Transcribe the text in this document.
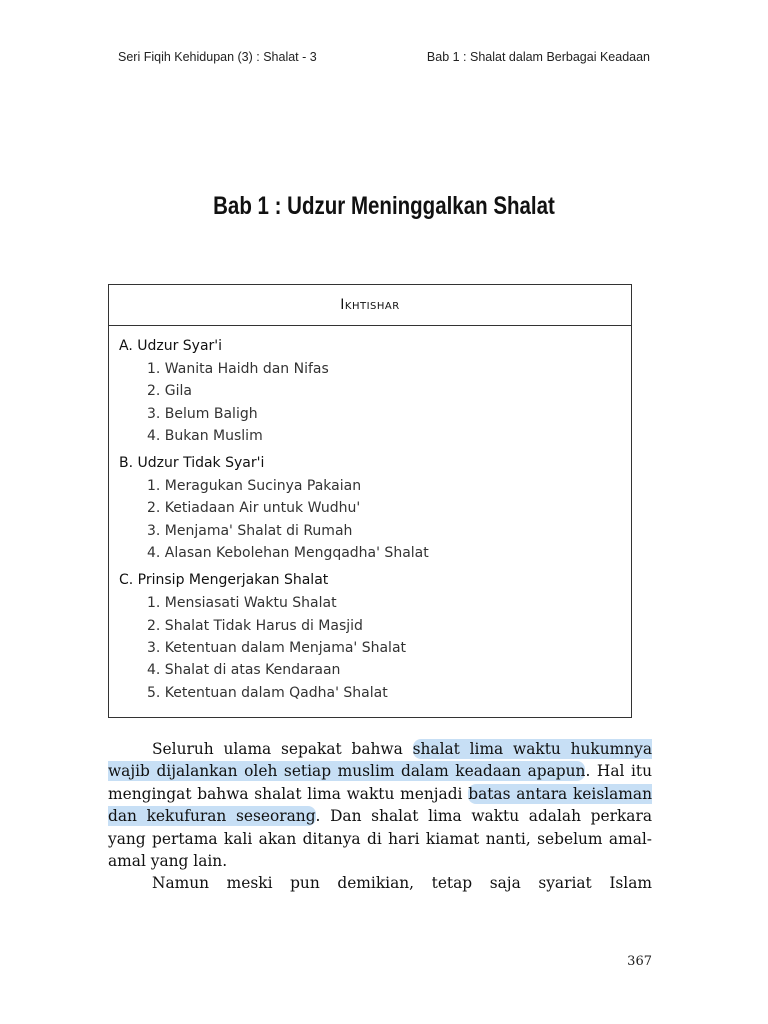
Seri Fiqih Kehidupan (3) : Shalat - 3	Bab 1 : Shalat dalam Berbagai Keadaan
Bab 1 : Udzur Meninggalkan Shalat
Ikhtishar
A. Udzur Syar'i
1. Wanita Haidh dan Nifas
2. Gila
3. Belum Baligh
4. Bukan Muslim
B. Udzur Tidak Syar'i
1. Meragukan Sucinya Pakaian
2. Ketiadaan Air untuk Wudhu'
3. Menjama' Shalat di Rumah
4. Alasan Kebolehan Mengqadha' Shalat
C. Prinsip Mengerjakan Shalat
1. Mensiasati Waktu Shalat
2. Shalat Tidak Harus di Masjid
3. Ketentuan dalam Menjama' Shalat
4. Shalat di atas Kendaraan
5. Ketentuan dalam Qadha' Shalat

Seluruh ulama sepakat bahwa shalat lima waktu hukumnya wajib dijalankan oleh setiap muslim dalam keadaan apapun. Hal itu mengingat bahwa shalat lima waktu menjadi batas antara keislaman dan kekufuran seseorang. Dan shalat lima waktu adalah perkara yang pertama kali akan ditanya di hari kiamat nanti, sebelum amal-amal yang lain.

Namun meski pun demikian, tetap saja syariat Islam

367
